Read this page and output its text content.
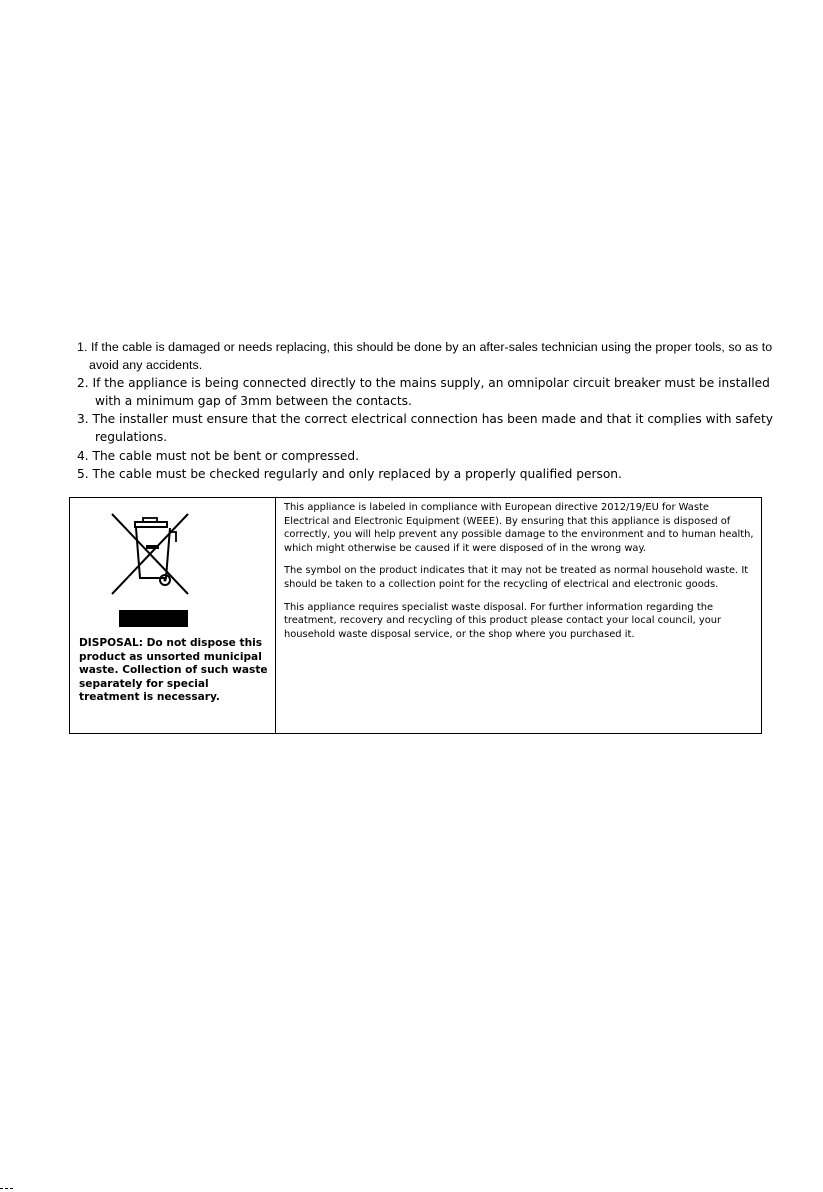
1. If the cable is damaged or needs replacing, this should be done by an after-sales technician using the proper tools, so as to avoid any accidents.
2. If the appliance is being connected directly to the mains supply, an omnipolar circuit breaker must be installed with a minimum gap of 3mm between the contacts.
3. The installer must ensure that the correct electrical connection has been made and that it complies with safety regulations.
4. The cable must not be bent or compressed.
5. The cable must be checked regularly and only replaced by a properly qualified person.
DISPOSAL: Do not dispose this product as unsorted municipal waste. Collection of such waste separately for special treatment is necessary.

This appliance is labeled in compliance with European directive 2012/19/EU for Waste Electrical and Electronic Equipment (WEEE). By ensuring that this appliance is disposed of correctly, you will help prevent any possible damage to the environment and to human health, which might otherwise be caused if it were disposed of in the wrong way.

The symbol on the product indicates that it may not be treated as normal household waste. It should be taken to a collection point for the recycling of electrical and electronic goods.

This appliance requires specialist waste disposal. For further information regarding the treatment, recovery and recycling of this product please contact your local council, your household waste disposal service, or the shop where you purchased it.
